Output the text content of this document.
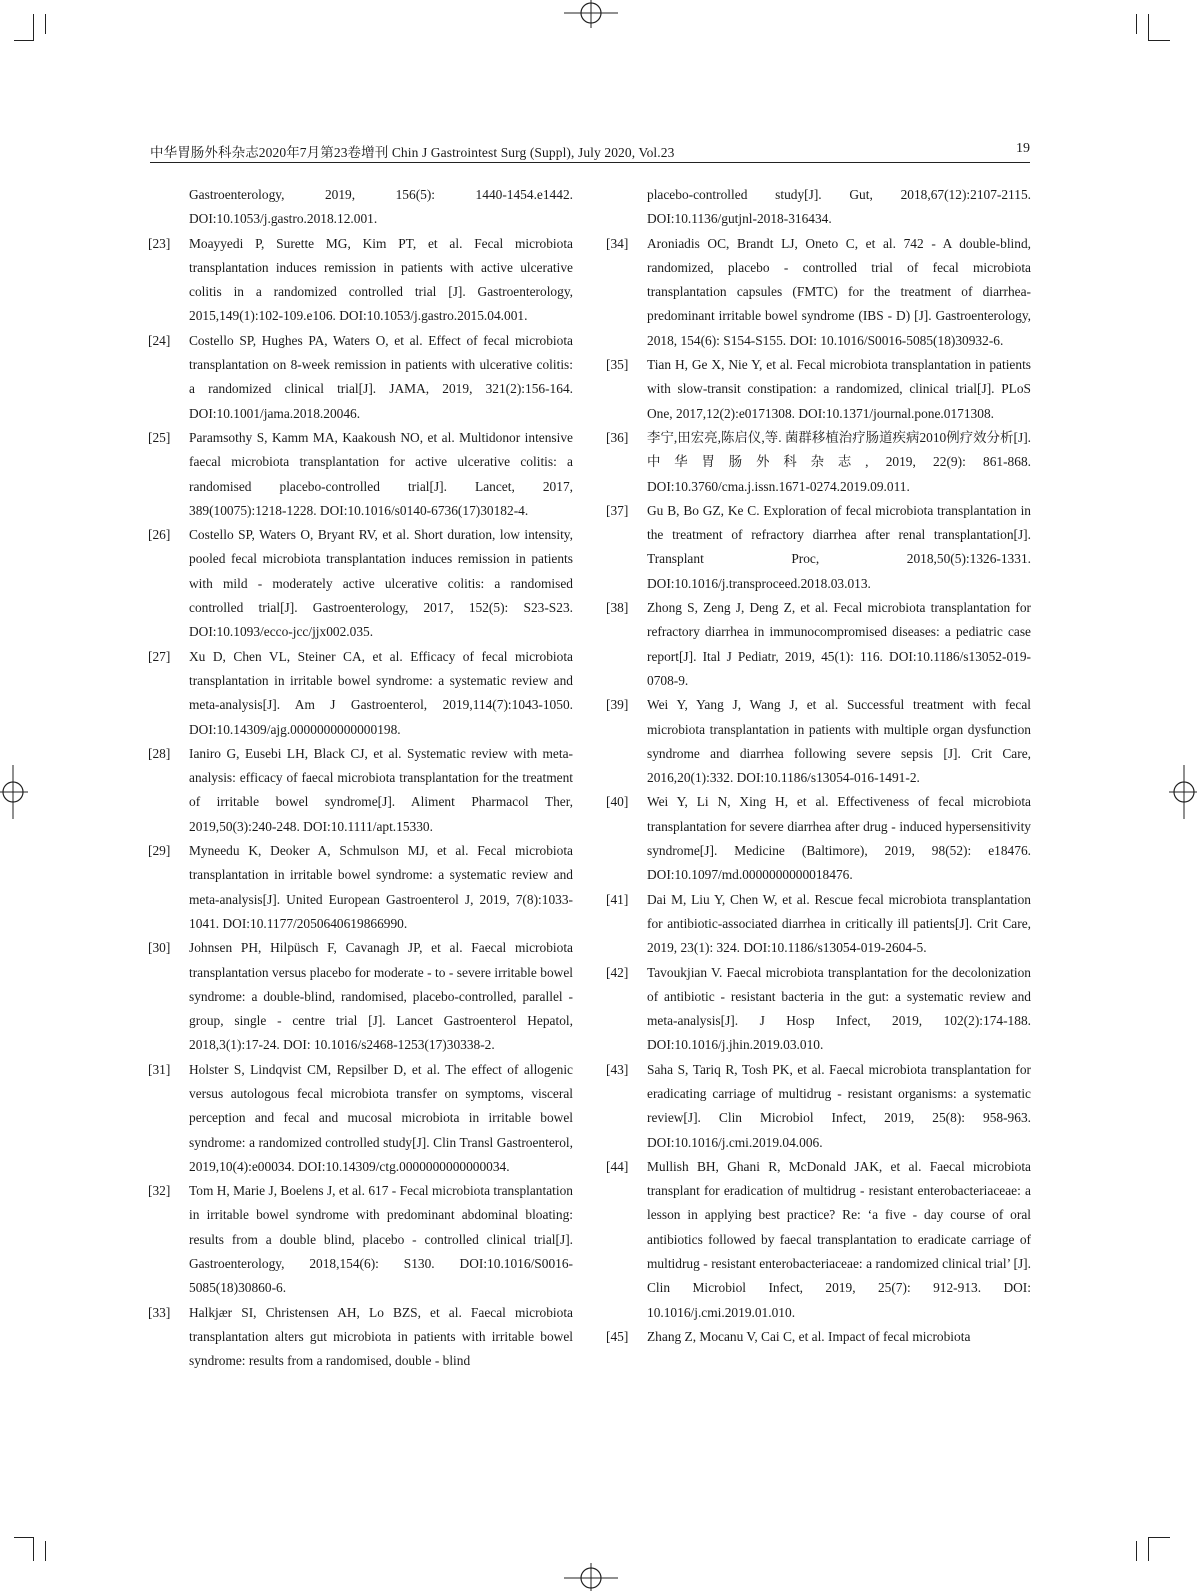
中华胃肠外科杂志2020年7月第23卷增刊 Chin J Gastrointest Surg (Suppl), July 2020, Vol.23	19
Gastroenterology, 2019, 156(5): 1440-1454.e1442. DOI:10.1053/j.gastro.2018.12.001.
[23] Moayyedi P, Surette MG, Kim PT, et al. Fecal microbiota transplantation induces remission in patients with active ulcerative colitis in a randomized controlled trial [J]. Gastroenterology, 2015,149(1):102-109.e106. DOI:10.1053/j.gastro.2015.04.001.
[24] Costello SP, Hughes PA, Waters O, et al. Effect of fecal microbiota transplantation on 8-week remission in patients with ulcerative colitis: a randomized clinical trial[J]. JAMA, 2019, 321(2):156-164. DOI:10.1001/jama.2018.20046.
[25] Paramsothy S, Kamm MA, Kaakoush NO, et al. Multidonor intensive faecal microbiota transplantation for active ulcerative colitis: a randomised placebo-controlled trial[J]. Lancet, 2017, 389(10075):1218-1228. DOI:10.1016/s0140-6736(17)30182-4.
[26] Costello SP, Waters O, Bryant RV, et al. Short duration, low intensity, pooled fecal microbiota transplantation induces remission in patients with mild - moderately active ulcerative colitis: a randomised controlled trial[J]. Gastroenterology, 2017, 152(5): S23-S23. DOI:10.1093/ecco-jcc/jjx002.035.
[27] Xu D, Chen VL, Steiner CA, et al. Efficacy of fecal microbiota transplantation in irritable bowel syndrome: a systematic review and meta-analysis[J]. Am J Gastroenterol, 2019,114(7):1043-1050. DOI:10.14309/ajg.0000000000000198.
[28] Ianiro G, Eusebi LH, Black CJ, et al. Systematic review with meta-analysis: efficacy of faecal microbiota transplantation for the treatment of irritable bowel syndrome[J]. Aliment Pharmacol Ther, 2019,50(3):240-248. DOI:10.1111/apt.15330.
[29] Myneedu K, Deoker A, Schmulson MJ, et al. Fecal microbiota transplantation in irritable bowel syndrome: a systematic review and meta-analysis[J]. United European Gastroenterol J, 2019, 7(8):1033-1041. DOI:10.1177/2050640619866990.
[30] Johnsen PH, Hilpüsch F, Cavanagh JP, et al. Faecal microbiota transplantation versus placebo for moderate - to - severe irritable bowel syndrome: a double-blind, randomised, placebo-controlled, parallel - group, single - centre trial [J]. Lancet Gastroenterol Hepatol, 2018,3(1):17-24. DOI: 10.1016/s2468-1253(17)30338-2.
[31] Holster S, Lindqvist CM, Repsilber D, et al. The effect of allogenic versus autologous fecal microbiota transfer on symptoms, visceral perception and fecal and mucosal microbiota in irritable bowel syndrome: a randomized controlled study[J]. Clin Transl Gastroenterol, 2019,10(4):e00034. DOI:10.14309/ctg.0000000000000034.
[32] Tom H, Marie J, Boelens J, et al. 617 - Fecal microbiota transplantation in irritable bowel syndrome with predominant abdominal bloating: results from a double blind, placebo - controlled clinical trial[J]. Gastroenterology, 2018,154(6): S130. DOI:10.1016/S0016-5085(18)30860-6.
[33] Halkjær SI, Christensen AH, Lo BZS, et al. Faecal microbiota transplantation alters gut microbiota in patients with irritable bowel syndrome: results from a randomised, double - blind
placebo-controlled study[J]. Gut, 2018,67(12):2107-2115. DOI:10.1136/gutjnl-2018-316434.
[34] Aroniadis OC, Brandt LJ, Oneto C, et al. 742 - A double-blind, randomized, placebo - controlled trial of fecal microbiota transplantation capsules (FMTC) for the treatment of diarrhea-predominant irritable bowel syndrome (IBS - D) [J]. Gastroenterology, 2018, 154(6): S154-S155. DOI: 10.1016/S0016-5085(18)30932-6.
[35] Tian H, Ge X, Nie Y, et al. Fecal microbiota transplantation in patients with slow-transit constipation: a randomized, clinical trial[J]. PLoS One, 2017,12(2):e0171308. DOI:10.1371/journal.pone.0171308.
[36] 李宁,田宏亮,陈启仪,等. 菌群移植治疗肠道疾病2010例疗效分析[J]. 中华胃肠外科杂志, 2019, 22(9): 861-868. DOI:10.3760/cma.j.issn.1671-0274.2019.09.011.
[37] Gu B, Bo GZ, Ke C. Exploration of fecal microbiota transplantation in the treatment of refractory diarrhea after renal transplantation[J]. Transplant Proc, 2018,50(5):1326-1331. DOI:10.1016/j.transproceed.2018.03.013.
[38] Zhong S, Zeng J, Deng Z, et al. Fecal microbiota transplantation for refractory diarrhea in immunocompromised diseases: a pediatric case report[J]. Ital J Pediatr, 2019, 45(1): 116. DOI:10.1186/s13052-019-0708-9.
[39] Wei Y, Yang J, Wang J, et al. Successful treatment with fecal microbiota transplantation in patients with multiple organ dysfunction syndrome and diarrhea following severe sepsis [J]. Crit Care, 2016,20(1):332. DOI:10.1186/s13054-016-1491-2.
[40] Wei Y, Li N, Xing H, et al. Effectiveness of fecal microbiota transplantation for severe diarrhea after drug - induced hypersensitivity syndrome[J]. Medicine (Baltimore), 2019, 98(52): e18476. DOI:10.1097/md.0000000000018476.
[41] Dai M, Liu Y, Chen W, et al. Rescue fecal microbiota transplantation for antibiotic-associated diarrhea in critically ill patients[J]. Crit Care, 2019, 23(1): 324. DOI:10.1186/s13054-019-2604-5.
[42] Tavoukjian V. Faecal microbiota transplantation for the decolonization of antibiotic - resistant bacteria in the gut: a systematic review and meta-analysis[J]. J Hosp Infect, 2019, 102(2):174-188. DOI:10.1016/j.jhin.2019.03.010.
[43] Saha S, Tariq R, Tosh PK, et al. Faecal microbiota transplantation for eradicating carriage of multidrug - resistant organisms: a systematic review[J]. Clin Microbiol Infect, 2019, 25(8): 958-963. DOI:10.1016/j.cmi.2019.04.006.
[44] Mullish BH, Ghani R, McDonald JAK, et al. Faecal microbiota transplant for eradication of multidrug - resistant enterobacteriaceae: a lesson in applying best practice? Re: ‘a five - day course of oral antibiotics followed by faecal transplantation to eradicate carriage of multidrug - resistant enterobacteriaceae: a randomized clinical trial’ [J]. Clin Microbiol Infect, 2019, 25(7): 912-913. DOI: 10.1016/j.cmi.2019.01.010.
[45] Zhang Z, Mocanu V, Cai C, et al. Impact of fecal microbiota
